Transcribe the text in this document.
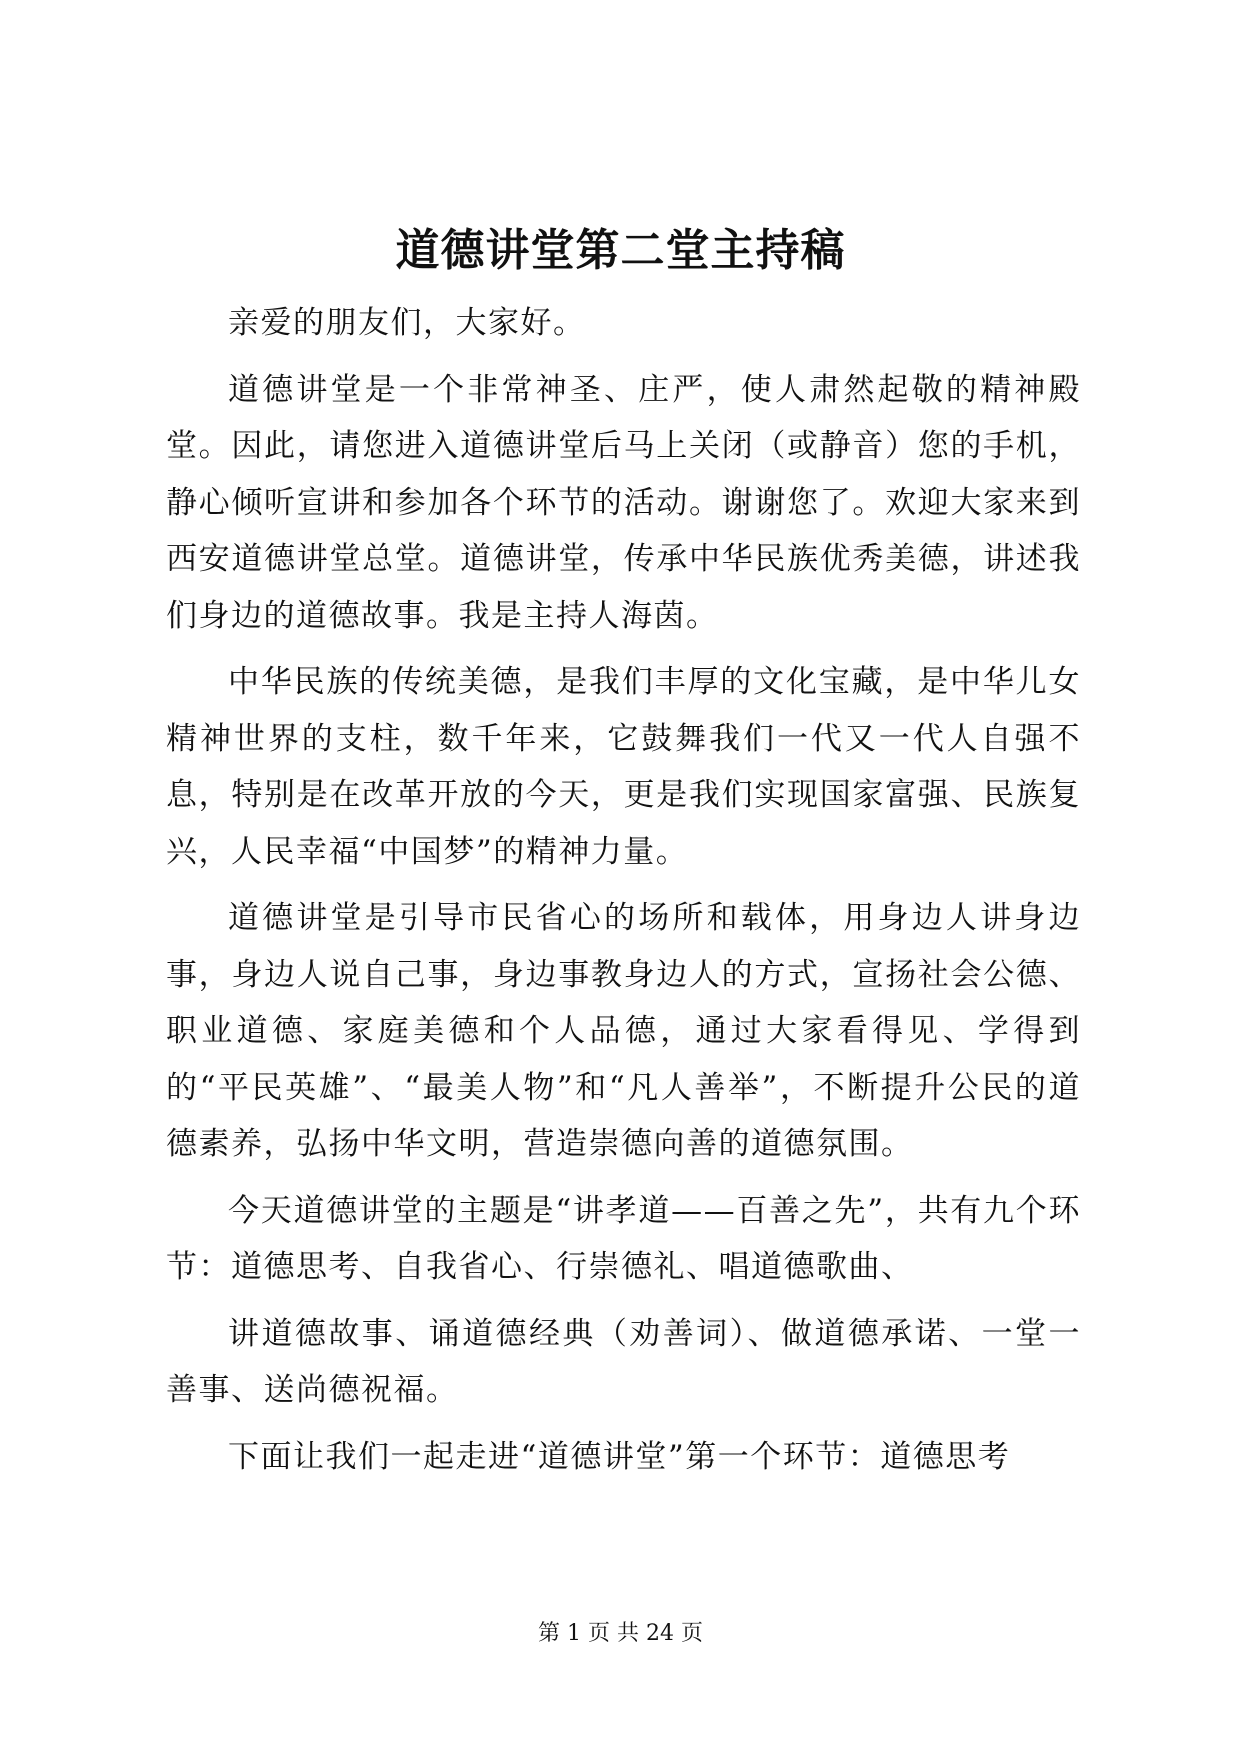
道德讲堂第二堂主持稿

亲爱的朋友们，大家好。

道德讲堂是一个非常神圣、庄严，使人肃然起敬的精神殿堂。因此，请您进入道德讲堂后马上关闭（或静音）您的手机，静心倾听宣讲和参加各个环节的活动。谢谢您了。欢迎大家来到西安道德讲堂总堂。道德讲堂，传承中华民族优秀美德，讲述我们身边的道德故事。我是主持人海茵。

中华民族的传统美德，是我们丰厚的文化宝藏，是中华儿女精神世界的支柱，数千年来，它鼓舞我们一代又一代人自强不息，特别是在改革开放的今天，更是我们实现国家富强、民族复兴，人民幸福“中国梦”的精神力量。

道德讲堂是引导市民省心的场所和载体，用身边人讲身边事，身边人说自己事，身边事教身边人的方式，宣扬社会公德、职业道德、家庭美德和个人品德，通过大家看得见、学得到的“平民英雄”、“最美人物”和“凡人善举”，不断提升公民的道德素养，弘扬中华文明，营造崇德向善的道德氛围。

今天道德讲堂的主题是“讲孝道——百善之先”，共有九个环节：道德思考、自我省心、行崇德礼、唱道德歌曲、

讲道德故事、诵道德经典（劝善词）、做道德承诺、一堂一善事、送尚德祝福。

下面让我们一起走进“道德讲堂”第一个环节：道德思考

第 1 页 共 24 页
